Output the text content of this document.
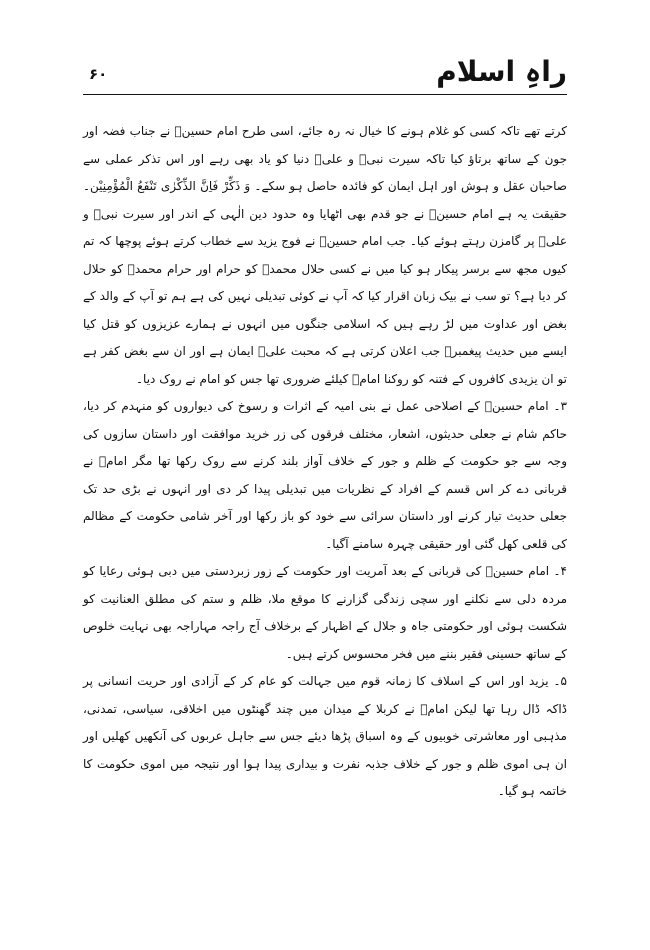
راہِ اسلام
۶۰

کرتے تھے تاکہ کسی کو غلام ہونے کا خیال نہ رہ جائے، اسی طرح امام حسینؑ نے جناب فضہ اور جون کے ساتھ برتاؤ کیا تاکہ سیرت نبیؐ و علیؑ دنیا کو یاد بھی رہے اور اس تذکر عملی سے صاحبان عقل و ہوش اور اہل ایمان کو فائدہ حاصل ہو سکے۔ وَ ذَكِّرْ فَاِنَّ الذِّكْرٰى تَنْفَعُ الْمُؤْمِنِيْن۔ حقیقت یہ ہے امام حسینؑ نے جو قدم بھی اٹھایا وہ حدود دین الٰہی کے اندر اور سیرت نبیؐ و علیؑ پر گامزن رہتے ہوئے کیا۔ جب امام حسینؑ نے فوج یزید سے خطاب کرتے ہوئے پوچھا کہ تم کیوں مجھ سے برسر پیکار ہو کیا میں نے کسی حلال محمدؐ کو حرام اور حرام محمدؐ کو حلال کر دیا ہے؟ تو سب نے بیک زبان اقرار کیا کہ آپ نے کوئی تبدیلی نہیں کی ہے ہم تو آپ کے والد کے بغض اور عداوت میں لڑ رہے ہیں کہ اسلامی جنگوں میں انہوں نے ہمارے عزیزوں کو قتل کیا ایسے میں حدیث پیغمبرؐ جب اعلان کرتی ہے کہ محبت علیؑ ایمان ہے اور ان سے بغض کفر ہے تو ان یزیدی کافروں کے فتنہ کو روکنا امامؑ کیلئے ضروری تھا جس کو امام نے روک دیا۔

۳۔ امام حسینؑ کے اصلاحی عمل نے بنی امیہ کے اثرات و رسوخ کی دیواروں کو منہدم کر دیا، حاکم شام نے جعلی حدیثوں، اشعار، مختلف فرقوں کی زر خرید موافقت اور داستان سازوں کی وجہ سے جو حکومت کے ظلم و جور کے خلاف آواز بلند کرنے سے روک رکھا تھا مگر امامؑ نے قربانی دے کر اس قسم کے افراد کے نظریات میں تبدیلی پیدا کر دی اور انہوں نے بڑی حد تک جعلی حدیث تیار کرنے اور داستان سرائی سے خود کو باز رکھا اور آخر شامی حکومت کے مظالم کی قلعی کھل گئی اور حقیقی چہرہ سامنے آگیا۔

۴۔ امام حسینؑ کی قربانی کے بعد آمریت اور حکومت کے زور زبردستی میں دبی ہوئی رعایا کو مردہ دلی سے نکلنے اور سچی زندگی گزارنے کا موقع ملا، ظلم و ستم کی مطلق العنانیت کو شکست ہوئی اور حکومتی جاہ و جلال کے اظہار کے برخلاف آج راجہ مہاراجہ بھی نہایت خلوص کے ساتھ حسینی فقیر بننے میں فخر محسوس کرتے ہیں۔

۵۔ یزید اور اس کے اسلاف کا زمانہ قوم میں جہالت کو عام کر کے آزادی اور حریت انسانی پر ڈاکہ ڈال رہا تھا لیکن امامؑ نے کربلا کے میدان میں چند گھنٹوں میں اخلاقی، سیاسی، تمدنی، مذہبی اور معاشرتی خوبیوں کے وہ اسباق پڑھا دیئے جس سے جاہل عربوں کی آنکھیں کھلیں اور ان ہی اموی ظلم و جور کے خلاف جذبہ نفرت و بیداری پیدا ہوا اور نتیجہ میں اموی حکومت کا خاتمہ ہو گیا۔
